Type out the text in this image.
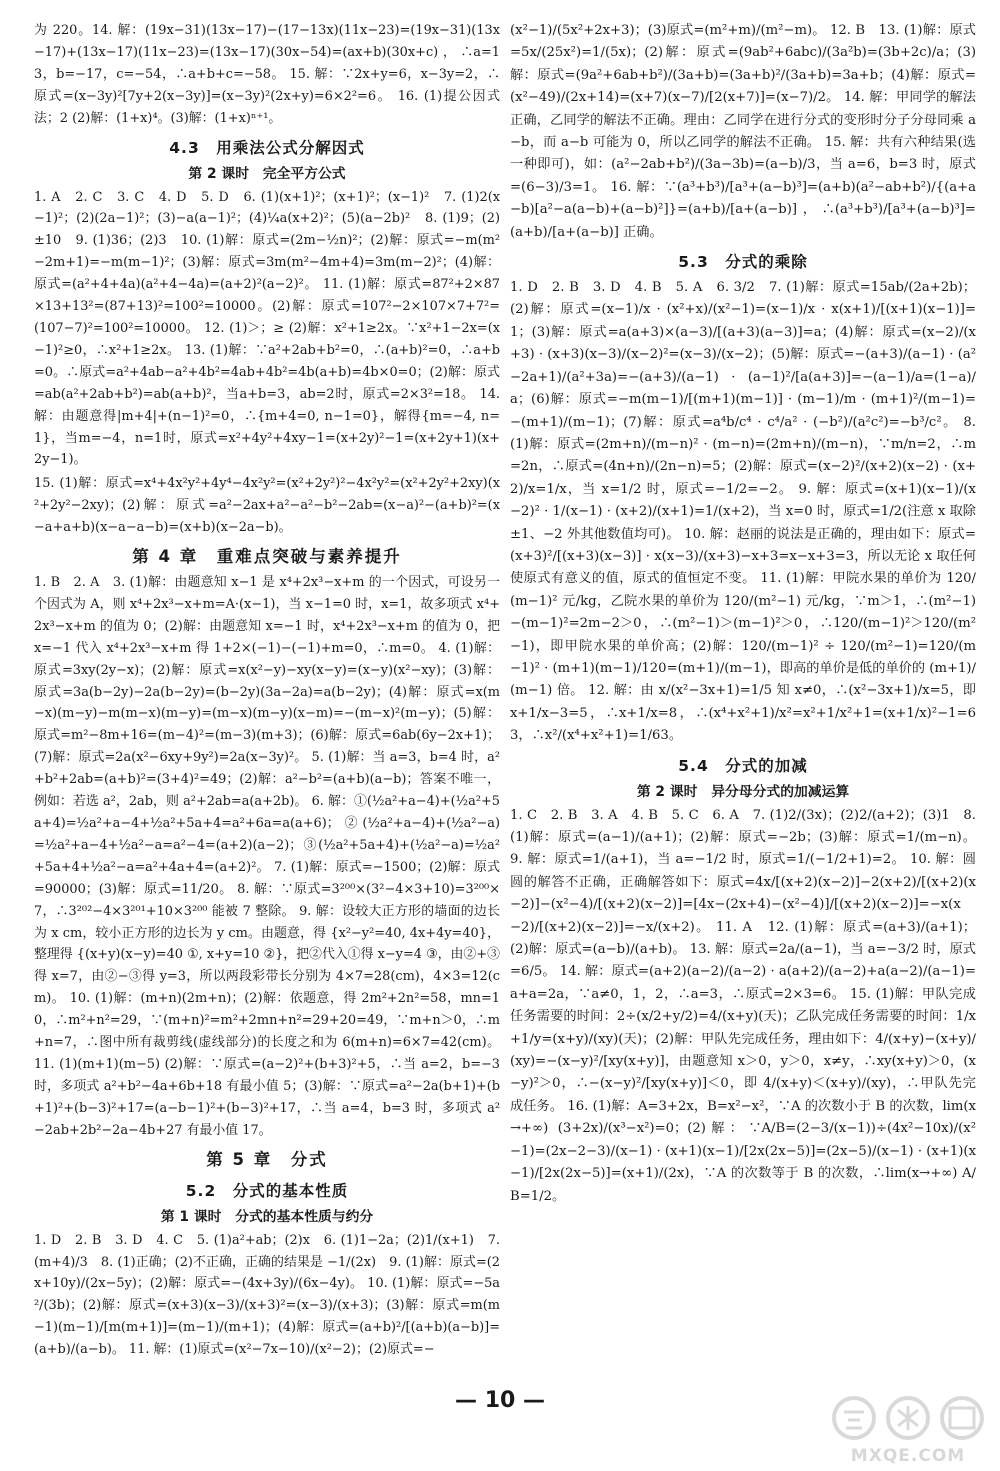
为 220。14. 解：(19x−31)(13x−17)−(17−13x)(11x−23)=(19x−31)(13x−17)+(13x−17)(11x−23)=(13x−17)(30x−54)=(ax+b)(30x+c)，∴a=13，b=−17，c=−54，∴a+b+c=−58。 15. 解：∵2x+y=6，x−3y=2，∴原式=(x−3y)²[7y+2(x−3y)]=(x−3y)²(2x+y)=6×2²=6。 16. (1)提公因式法；2 (2)解：(1+x)⁴。(3)解：(1+x)ⁿ⁺¹。
4.3　用乘法公式分解因式
第 2 课时　完全平方公式
1. A　2. C　3. C　4. D　5. D　6. (1)(x+1)²；(x+1)²；(x−1)²　7. (1)2(x−1)²；(2)(2a−1)²；(3)−a(a−1)²；(4)¼a(x+2)²；(5)(a−2b)²　8. (1)9；(2)±10　9. (1)36；(2)3　10. (1)解：原式=(2m−½n)²；(2)解：原式=−m(m²−2m+1)=−m(m−1)²；(3)解：原式=3m(m²−4m+4)=3m(m−2)²；(4)解：原式=(a²+4+4a)(a²+4−4a)=(a+2)²(a−2)²。 11. (1)解：原式=87²+2×87×13+13²=(87+13)²=100²=10000。(2)解：原式=107²−2×107×7+7²=(107−7)²=100²=10000。 12. (1)＞；≥ (2)解：x²+1≥2x。∵x²+1−2x=(x−1)²≥0，∴x²+1≥2x。 13. (1)解：∵a²+2ab+b²=0，∴(a+b)²=0，∴a+b=0。∴原式=a²+4ab−a²+4b²=4ab+4b²=4b(a+b)=4b×0=0；(2)解：原式=ab(a²+2ab+b²)=ab(a+b)²，当a+b=3，ab=2时，原式=2×3²=18。 14. 解：由题意得|m+4|+(n−1)²=0，∴{m+4=0, n−1=0}，解得{m=−4, n=1}，当m=−4，n=1时，原式=x²+4y²+4xy−1=(x+2y)²−1=(x+2y+1)(x+2y−1)。
15. (1)解：原式=x⁴+4x²y²+4y⁴−4x²y²=(x²+2y²)²−4x²y²=(x²+2y²+2xy)(x²+2y²−2xy)；(2)解：原式=a²−2ax+a²−a²−b²−2ab=(x−a)²−(a+b)²=(x−a+a+b)(x−a−a−b)=(x+b)(x−2a−b)。
第 4 章　重难点突破与素养提升
1. B　2. A　3. (1)解：由题意知 x−1 是 x⁴+2x³−x+m 的一个因式，可设另一个因式为 A，则 x⁴+2x³−x+m=A·(x−1)，当 x−1=0 时，x=1，故多项式 x⁴+2x³−x+m 的值为 0；(2)解：由题意知 x=−1 时，x⁴+2x³−x+m 的值为 0，把 x=−1 代入 x⁴+2x³−x+m 得 1+2×(−1)−(−1)+m=0，∴m=0。 4. (1)解：原式=3xy(2y−x)；(2)解：原式=x(x²−y)−xy(x−y)=(x−y)(x²−xy)；(3)解：原式=3a(b−2y)−2a(b−2y)=(b−2y)(3a−2a)=a(b−2y)；(4)解：原式=x(m−x)(m−y)−m(m−x)(m−y)=(m−x)(m−y)(x−m)=−(m−x)²(m−y)；(5)解：原式=m²−8m+16=(m−4)²=(m−3)(m+3)；(6)解：原式=6ab(6y−2x+1)；(7)解：原式=2a(x²−6xy+9y²)=2a(x−3y)²。 5. (1)解：当 a=3，b=4 时，a²+b²+2ab=(a+b)²=(3+4)²=49；(2)解：a²−b²=(a+b)(a−b)；答案不唯一，例如：若选 a²，2ab，则 a²+2ab=a(a+2b)。 6. 解：①(½a²+a−4)+(½a²+5a+4)=½a²+a−4+½a²+5a+4=a²+6a=a(a+6)；②(½a²+a−4)+(½a²−a)=½a²+a−4+½a²−a=a²−4=(a+2)(a−2)；③(½a²+5a+4)+(½a²−a)=½a²+5a+4+½a²−a=a²+4a+4=(a+2)²。 7. (1)解：原式=−1500；(2)解：原式=90000；(3)解：原式=11/20。 8. 解：∵原式=3²⁰⁰×(3²−4×3+10)=3²⁰⁰×7，∴3²⁰²−4×3²⁰¹+10×3²⁰⁰ 能被 7 整除。 9. 解：设较大正方形的墙面的边长为 x cm，较小正方形的边长为 y cm。由题意，得 {x²−y²=40, 4x+4y=40}，整理得 {(x+y)(x−y)=40 ①, x+y=10 ②}，把②代入①得 x−y=4 ③，由②+③得 x=7，由②−③得 y=3，所以两段彩带长分别为 4×7=28(cm)，4×3=12(cm)。 10. (1)解：(m+n)(2m+n)；(2)解：依题意，得 2m²+2n²=58，mn=10，∴m²+n²=29，∵(m+n)²=m²+2mn+n²=29+20=49，∵m+n＞0，∴m+n=7，∴图中所有裁剪线(虚线部分)的长度之和为 6(m+n)=6×7=42(cm)。 11. (1)(m+1)(m−5) (2)解：∵原式=(a−2)²+(b+3)²+5，∴当 a=2，b=−3 时，多项式 a²+b²−4a+6b+18 有最小值 5；(3)解：∵原式=a²−2a(b+1)+(b+1)²+(b−3)²+17=(a−b−1)²+(b−3)²+17，∴当 a=4，b=3 时，多项式 a²−2ab+2b²−2a−4b+27 有最小值 17。
第 5 章　分式
5.2　分式的基本性质
第 1 课时　分式的基本性质与约分
1. D　2. B　3. D　4. C　5. (1)a²+ab；(2)x　6. (1)1−2a；(2)1/(x+1)　7. (m+4)/3　8. (1)正确；(2)不正确，正确的结果是 −1/(2x)　9. (1)解：原式=(2x+10y)/(2x−5y)；(2)解：原式=−(4x+3y)/(6x−4y)。 10. (1)解：原式=−5a²/(3b)；(2)解：原式=(x+3)(x−3)/(x+3)²=(x−3)/(x+3)；(3)解：原式=m(m−1)(m−1)/[m(m+1)]=(m−1)/(m+1)；(4)解：原式=(a+b)²/[(a+b)(a−b)]=(a+b)/(a−b)。 11. 解：(1)原式=(x²−7x−10)/(x²−2)；(2)原式=−
(x²−1)/(5x²+2x+3)；(3)原式=(m²+m)/(m²−m)。 12. B　13. (1)解：原式=5x/(25x²)=1/(5x)；(2)解：原式=(9ab²+6abc)/(3a²b)=(3b+2c)/a；(3)解：原式=(9a²+6ab+b²)/(3a+b)=(3a+b)²/(3a+b)=3a+b；(4)解：原式=(x²−49)/(2x+14)=(x+7)(x−7)/[2(x+7)]=(x−7)/2。 14. 解：甲同学的解法正确，乙同学的解法不正确。理由：乙同学在进行分式的变形时分子分母同乘 a−b，而 a−b 可能为 0，所以乙同学的解法不正确。 15. 解：共有六种结果(选一种即可)，如：(a²−2ab+b²)/(3a−3b)=(a−b)/3，当 a=6，b=3 时，原式=(6−3)/3=1。 16. 解：∵(a³+b³)/[a³+(a−b)³]=(a+b)(a²−ab+b²)/{(a+a−b)[a²−a(a−b)+(a−b)²]}=(a+b)/[a+(a−b)]，∴(a³+b³)/[a³+(a−b)³]=(a+b)/[a+(a−b)] 正确。
5.3　分式的乘除
1. D　2. B　3. D　4. B　5. A　6. 3/2　7. (1)解：原式=15ab/(2a+2b)；(2)解：原式=(x−1)/x · (x²+x)/(x²−1)=(x−1)/x · x(x+1)/[(x+1)(x−1)]=1；(3)解：原式=a(a+3)×(a−3)/[(a+3)(a−3)]=a；(4)解：原式=(x−2)/(x+3) · (x+3)(x−3)/(x−2)²=(x−3)/(x−2)；(5)解：原式=−(a+3)/(a−1) · (a²−2a+1)/(a²+3a)=−(a+3)/(a−1) · (a−1)²/[a(a+3)]=−(a−1)/a=(1−a)/a；(6)解：原式=−m(m−1)/[(m+1)(m−1)] · (m−1)/m · (m+1)²/(m−1)=−(m+1)/(m−1)；(7)解：原式=a⁴b/c⁴ · c⁴/a² · (−b²)/(a²c²)=−b³/c²。 8. (1)解：原式=(2m+n)/(m−n)² · (m−n)=(2m+n)/(m−n)，∵m/n=2，∴m=2n，∴原式=(4n+n)/(2n−n)=5；(2)解：原式=(x−2)²/(x+2)(x−2) · (x+2)/x=1/x，当 x=1/2 时，原式=−1/2=−2。 9. 解：原式=(x+1)(x−1)/(x−2)² · 1/(x−1) · (x+2)/(x+1)=1/(x+2)，当 x=0 时，原式=1/2(注意 x 取除±1、−2 外其他数值均可)。 10. 解：赵丽的说法是正确的，理由如下：原式=(x+3)²/[(x+3)(x−3)] · x(x−3)/(x+3)−x+3=x−x+3=3，所以无论 x 取任何使原式有意义的值，原式的值恒定不变。 11. (1)解：甲院水果的单价为 120/(m−1)² 元/kg，乙院水果的单价为 120/(m²−1) 元/kg，∵m＞1，∴(m²−1)−(m−1)²=2m−2＞0，∴(m²−1)＞(m−1)²＞0，∴120/(m−1)²＞120/(m²−1)，即甲院水果的单价高；(2)解：120/(m−1)² ÷ 120/(m²−1)=120/(m−1)² · (m+1)(m−1)/120=(m+1)/(m−1)，即高的单价是低的单价的 (m+1)/(m−1) 倍。 12. 解：由 x/(x²−3x+1)=1/5 知 x≠0，∴(x²−3x+1)/x=5，即 x+1/x−3=5，∴x+1/x=8，∴(x⁴+x²+1)/x²=x²+1/x²+1=(x+1/x)²−1=63，∴x²/(x⁴+x²+1)=1/63。
5.4　分式的加减
第 2 课时　异分母分式的加减运算
1. C　2. B　3. A　4. B　5. C　6. A　7. (1)2/(3x)；(2)2/(a+2)；(3)1　8. (1)解：原式=(a−1)/(a+1)；(2)解：原式=−2b；(3)解：原式=1/(m−n)。 9. 解：原式=1/(a+1)，当 a=−1/2 时，原式=1/(−1/2+1)=2。 10. 解：圆圆的解答不正确，正确解答如下：原式=4x/[(x+2)(x−2)]−2(x+2)/[(x+2)(x−2)]−(x²−4)/[(x+2)(x−2)]=[4x−(2x+4)−(x²−4)]/[(x+2)(x−2)]=−x(x−2)/[(x+2)(x−2)]=−x/(x+2)。 11. A　12. (1)解：原式=(a+3)/(a+1)；(2)解：原式=(a−b)/(a+b)。 13. 解：原式=2a/(a−1)，当 a=−3/2 时，原式=6/5。 14. 解：原式=(a+2)(a−2)/(a−2) · a(a+2)/(a−2)+a(a−2)/(a−1)=a+a=2a，∵a≠0，1，2，∴a=3，∴原式=2×3=6。 15. (1)解：甲队完成任务需要的时间：2÷(x/2+y/2)=4/(x+y)(天)；乙队完成任务需要的时间：1/x+1/y=(x+y)/(xy)(天)；(2)解：甲队先完成任务，理由如下：4/(x+y)−(x+y)/(xy)=−(x−y)²/[xy(x+y)]，由题意知 x＞0，y＞0，x≠y，∴xy(x+y)＞0，(x−y)²＞0，∴−(x−y)²/[xy(x+y)]＜0，即 4/(x+y)＜(x+y)/(xy)，∴甲队先完成任务。 16. (1)解：A=3+2x，B=x²−x²，∵A 的次数小于 B 的次数，lim(x→+∞) (3+2x)/(x³−x²)=0；(2)解：∵A/B=(2−3/(x−1))÷(4x²−10x)/(x²−1)=(2x−2−3)/(x−1) · (x+1)(x−1)/[2x(2x−5)]=(2x−5)/(x−1) · (x+1)(x−1)/[2x(2x−5)]=(x+1)/(2x)，∵A 的次数等于 B 的次数，∴lim(x→+∞) A/B=1/2。
— 10 —
MXQE.COM
